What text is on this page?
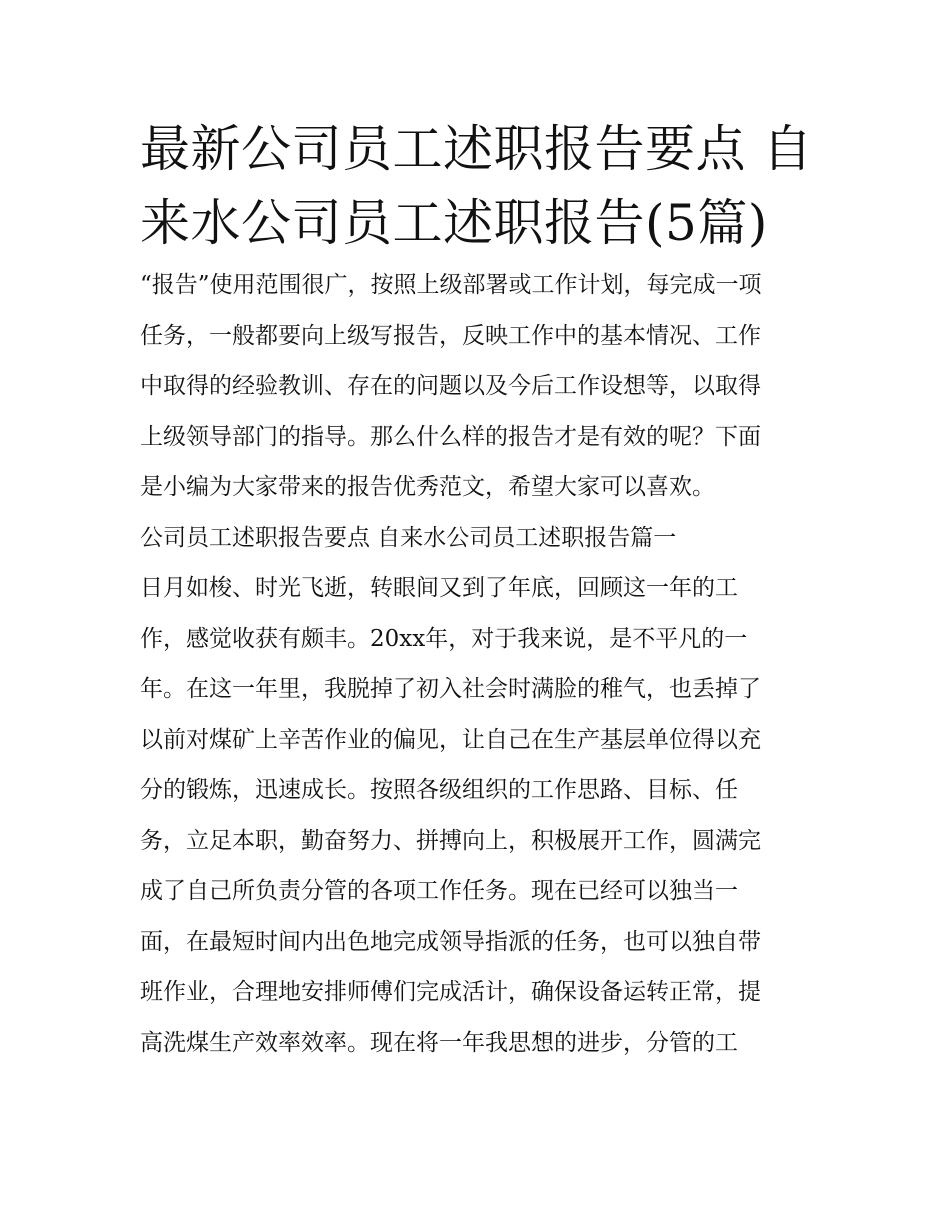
最新公司员工述职报告要点 自
来水公司员工述职报告(5篇)
“报告”使用范围很广，按照上级部署或工作计划，每完成一项
任务，一般都要向上级写报告，反映工作中的基本情况、工作
中取得的经验教训、存在的问题以及今后工作设想等，以取得
上级领导部门的指导。那么什么样的报告才是有效的呢？下面
是小编为大家带来的报告优秀范文，希望大家可以喜欢。
公司员工述职报告要点 自来水公司员工述职报告篇一
日月如梭、时光飞逝，转眼间又到了年底，回顾这一年的工
作，感觉收获有颇丰。20xx年，对于我来说，是不平凡的一
年。在这一年里，我脱掉了初入社会时满脸的稚气，也丢掉了
以前对煤矿上辛苦作业的偏见，让自己在生产基层单位得以充
分的锻炼，迅速成长。按照各级组织的工作思路、目标、任
务，立足本职，勤奋努力、拼搏向上，积极展开工作，圆满完
成了自己所负责分管的各项工作任务。现在已经可以独当一
面，在最短时间内出色地完成领导指派的任务，也可以独自带
班作业，合理地安排师傅们完成活计，确保设备运转正常，提
高洗煤生产效率效率。现在将一年我思想的进步，分管的工
